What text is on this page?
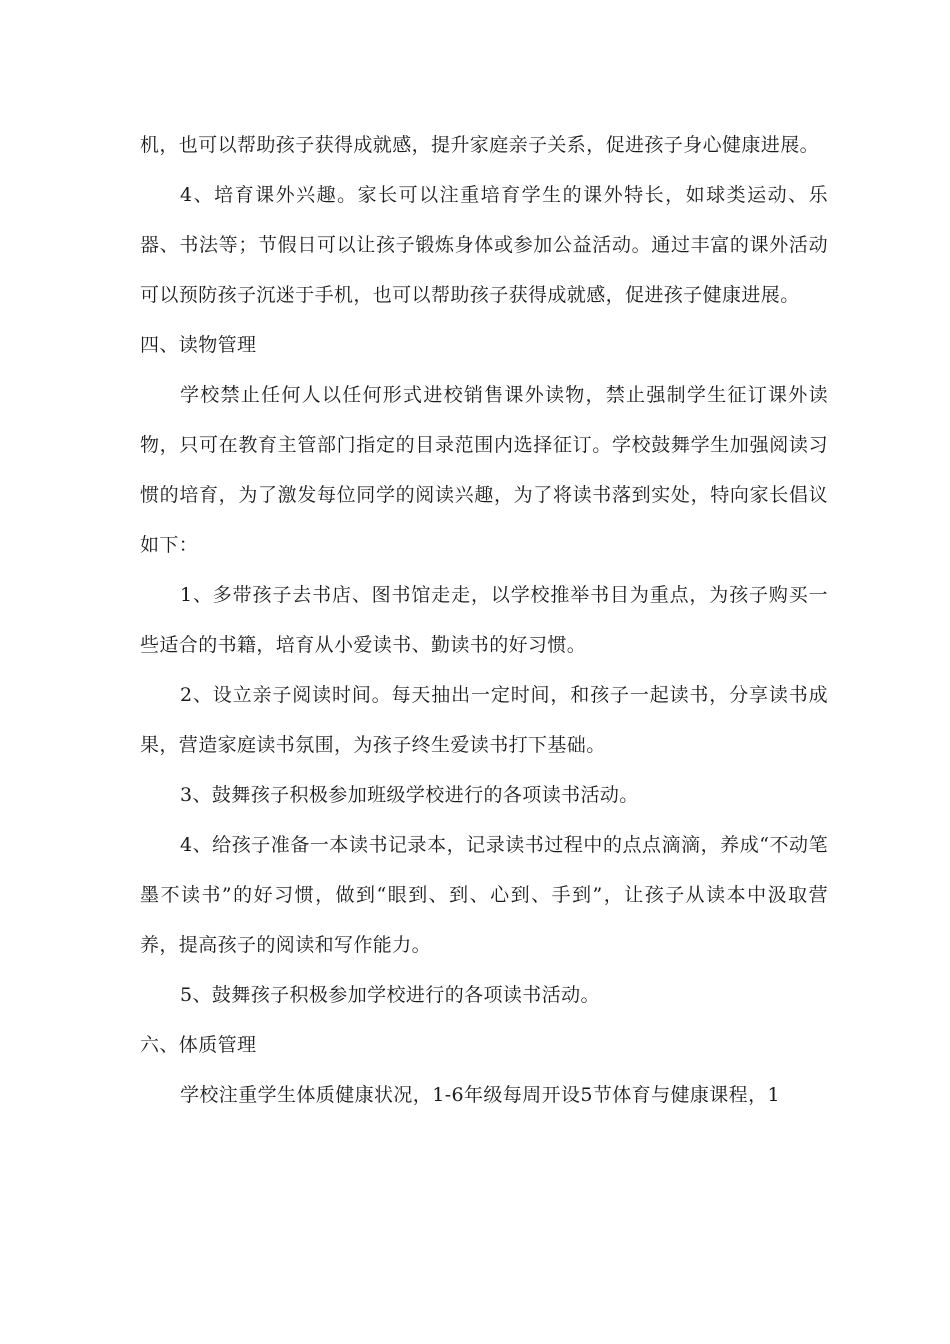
机，也可以帮助孩子获得成就感，提升家庭亲子关系，促进孩子身心健康进展。

4、培育课外兴趣。家长可以注重培育学生的课外特长，如球类运动、乐器、书法等；节假日可以让孩子锻炼身体或参加公益活动。通过丰富的课外活动可以预防孩子沉迷于手机，也可以帮助孩子获得成就感，促进孩子健康进展。

四、读物管理

学校禁止任何人以任何形式进校销售课外读物，禁止强制学生征订课外读物，只可在教育主管部门指定的目录范围内选择征订。学校鼓舞学生加强阅读习惯的培育，为了激发每位同学的阅读兴趣，为了将读书落到实处，特向家长倡议如下：

1、多带孩子去书店、图书馆走走，以学校推举书目为重点，为孩子购买一些适合的书籍，培育从小爱读书、勤读书的好习惯。

2、设立亲子阅读时间。每天抽出一定时间，和孩子一起读书，分享读书成果，营造家庭读书氛围，为孩子终生爱读书打下基础。

3、鼓舞孩子积极参加班级学校进行的各项读书活动。

4、给孩子准备一本读书记录本，记录读书过程中的点点滴滴，养成“不动笔墨不读书”的好习惯，做到“眼到、到、心到、手到”，让孩子从读本中汲取营养，提高孩子的阅读和写作能力。

5、鼓舞孩子积极参加学校进行的各项读书活动。

六、体质管理

学校注重学生体质健康状况，1-6年级每周开设5节体育与健康课程，1
